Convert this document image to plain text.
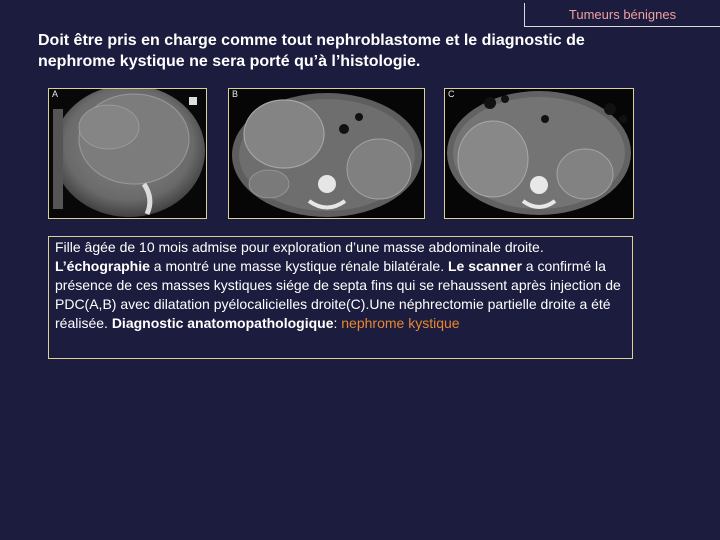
Tumeurs bénignes
Doit être pris en charge comme tout nephroblastome et le diagnostic de nephrome kystique ne sera porté qu’à l’histologie.
A	B	C
Fille âgée de 10 mois admise pour exploration d’une masse abdominale droite. L’échographie a montré une masse kystique rénale bilatérale. Le scanner a confirmé la présence de ces masses kystiques siége de septa fins qui se rehaussent après injection de PDC(A,B) avec dilatation pyélocalicielles droite(C).Une néphrectomie partielle droite a été réalisée. Diagnostic anatomopathologique: nephrome kystique
